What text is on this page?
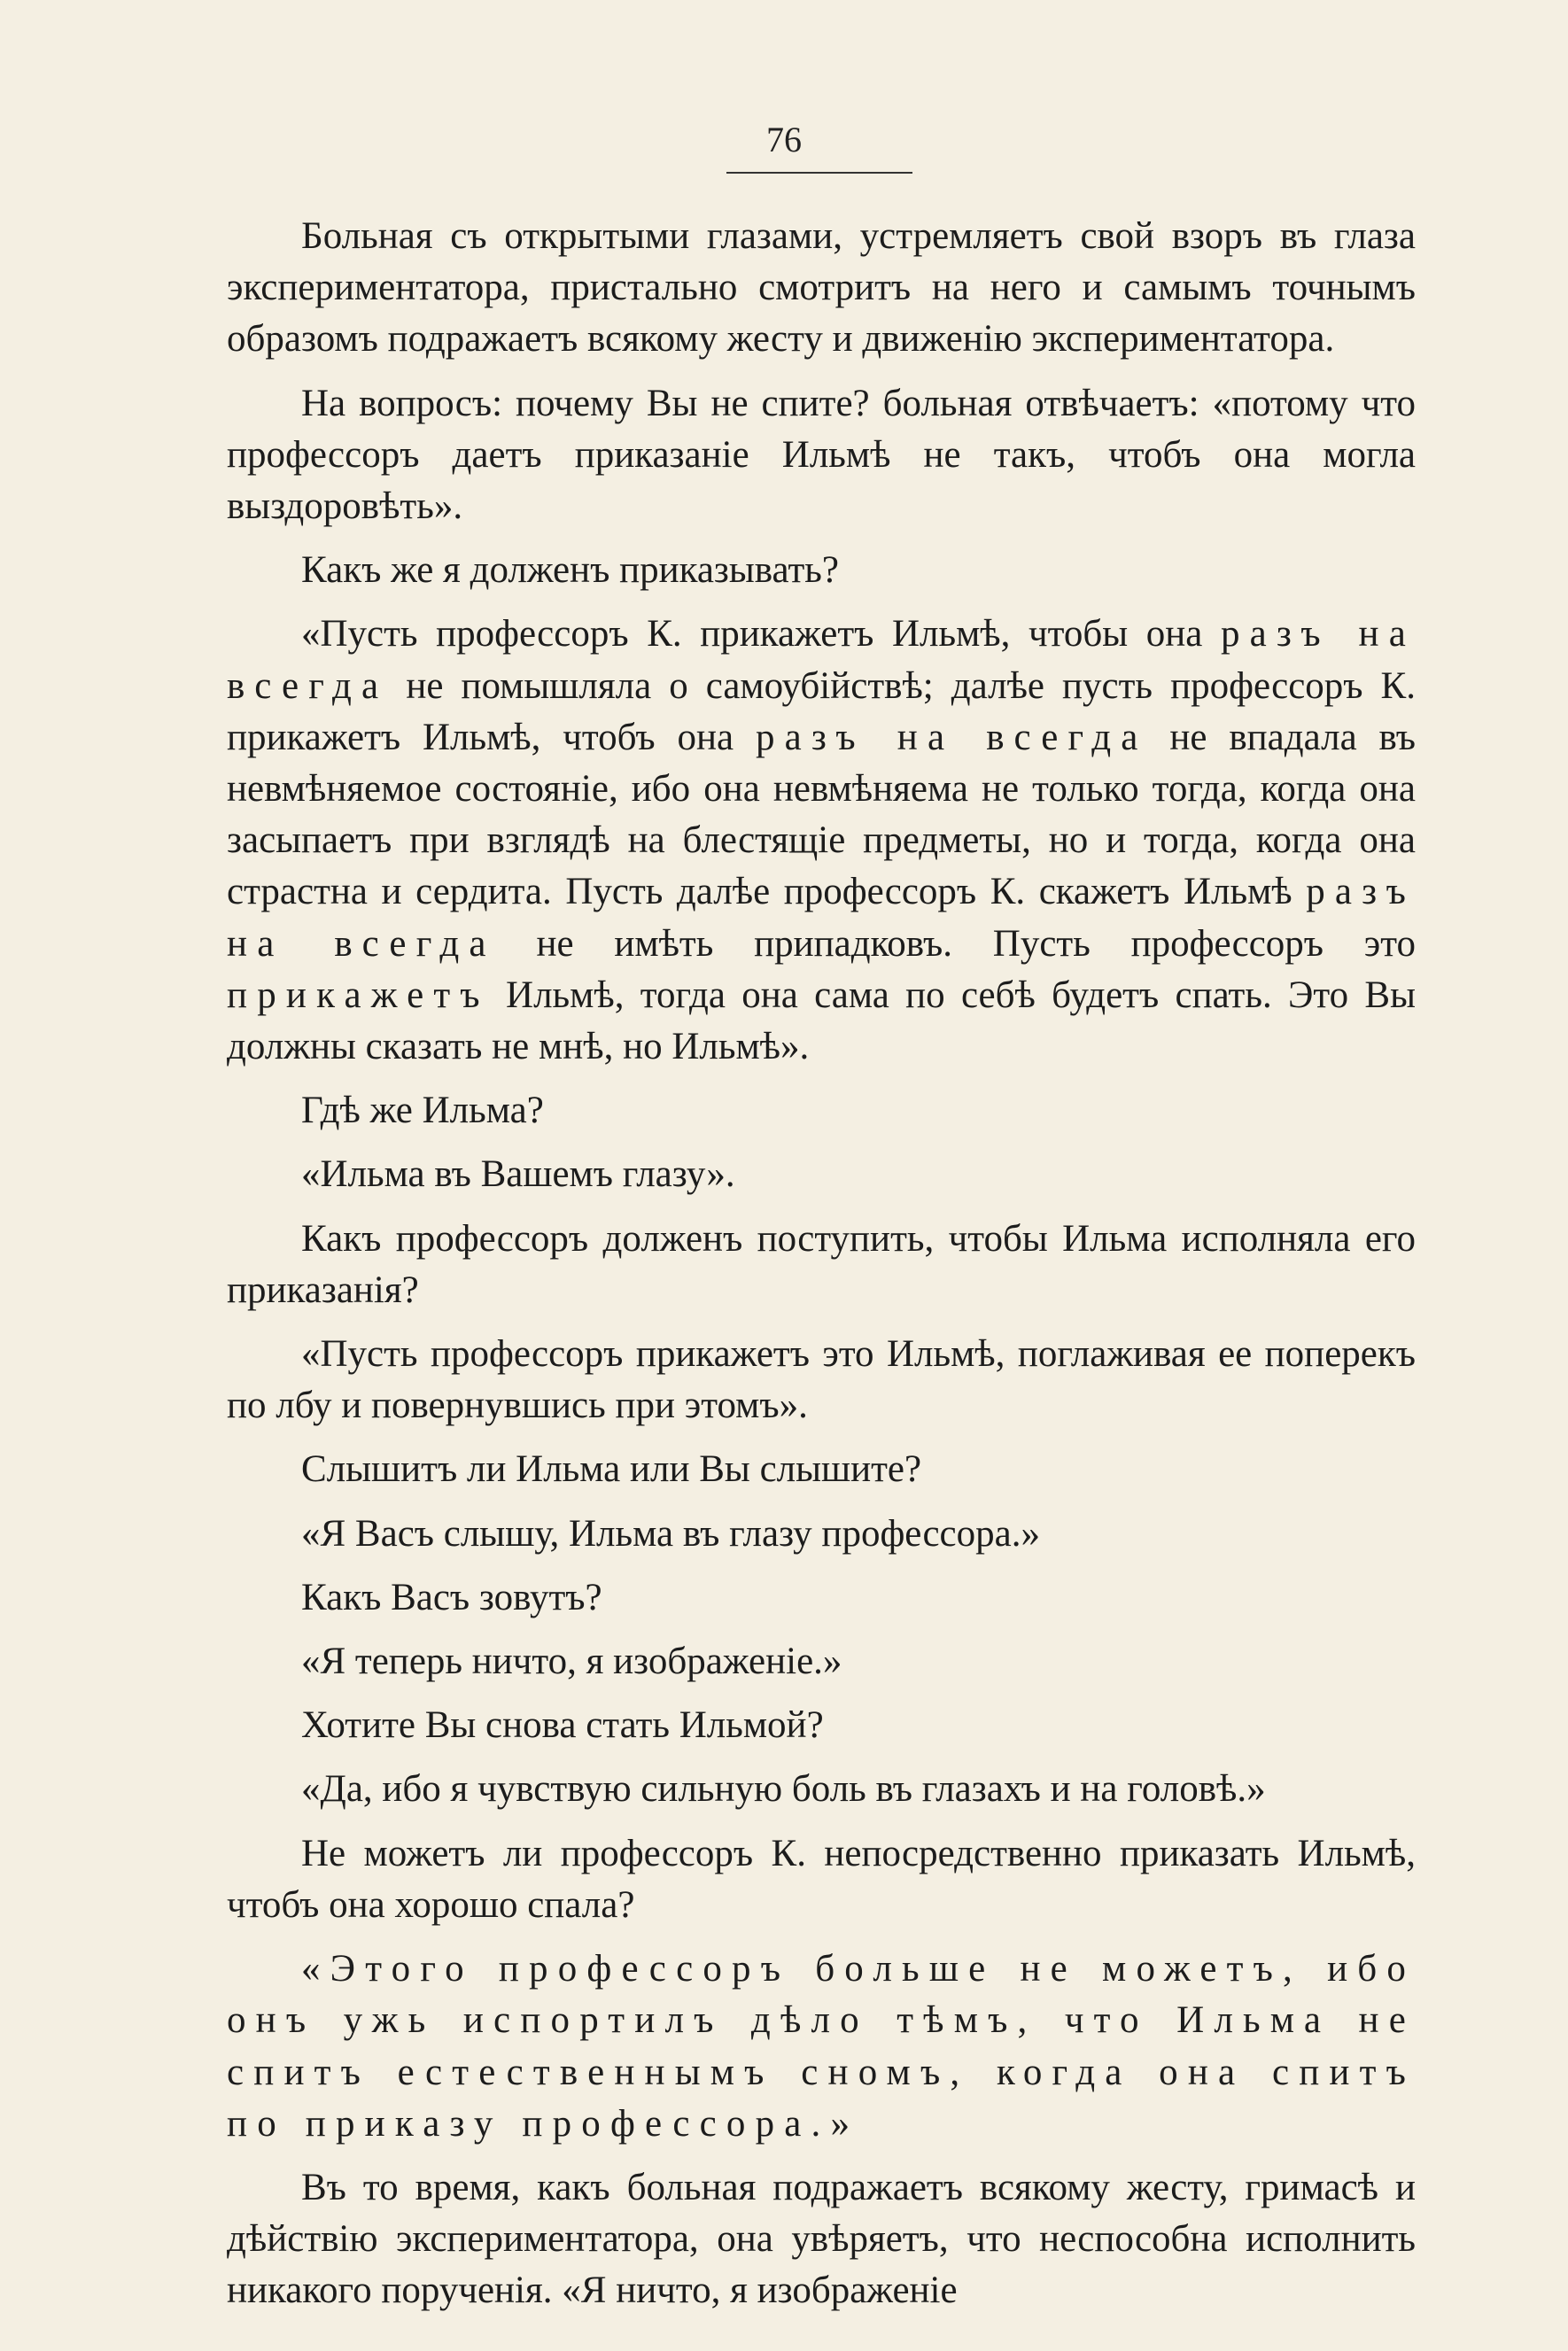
76

Больная съ открытыми глазами, устремляетъ свой взоръ въ глаза экспериментатора, пристально смотритъ на него и самымъ точнымъ образомъ подражаетъ всякому жесту и движенію экспериментатора.

На вопросъ: почему Вы не спите? больная отвѣчаетъ: «потому что профессоръ даетъ приказаніе Ильмѣ не такъ, чтобъ она могла выздоровѣть».

Какъ же я долженъ приказывать?

«Пусть профессоръ К. прикажетъ Ильмѣ, чтобы она разъ на всегда не помышляла о самоубійствѣ; далѣе пусть профессоръ К. прикажетъ Ильмѣ, чтобъ она разъ на всегда не впадала въ невмѣняемое состояніе, ибо она невмѣняема не только тогда, когда она засыпаетъ при взглядѣ на блестящіе предметы, но и тогда, когда она страстна и сердита. Пусть далѣе профессоръ К. скажетъ Ильмѣ разъ на всегда не имѣть припадковъ. Пусть профессоръ это прикажетъ Ильмѣ, тогда она сама по себѣ будетъ спать. Это Вы должны сказать не мнѣ, но Ильмѣ».

Гдѣ же Ильма?

«Ильма въ Вашемъ глазу».

Какъ профессоръ долженъ поступить, чтобы Ильма исполняла его приказанія?

«Пусть профессоръ прикажетъ это Ильмѣ, поглаживая ее поперекъ по лбу и повернувшись при этомъ».

Слышитъ ли Ильма или Вы слышите?

«Я Васъ слышу, Ильма въ глазу профессора.»

Какъ Васъ зовутъ?

«Я теперь ничто, я изображеніе.»

Хотите Вы снова стать Ильмой?

«Да, ибо я чувствую сильную боль въ глазахъ и на головѣ.»

Не можетъ ли профессоръ К. непосредственно приказать Ильмѣ, чтобъ она хорошо спала?

«Этого профессоръ больше не можетъ, ибо онъ ужь испортилъ дѣло тѣмъ, что Ильма не спитъ естественнымъ сномъ, когда она спитъ по приказу профессора.»

Въ то время, какъ больная подражаетъ всякому жесту, гримасѣ и дѣйствію экспериментатора, она увѣряетъ, что неспособна исполнить никакого порученія. «Я ничто, я изображеніе
